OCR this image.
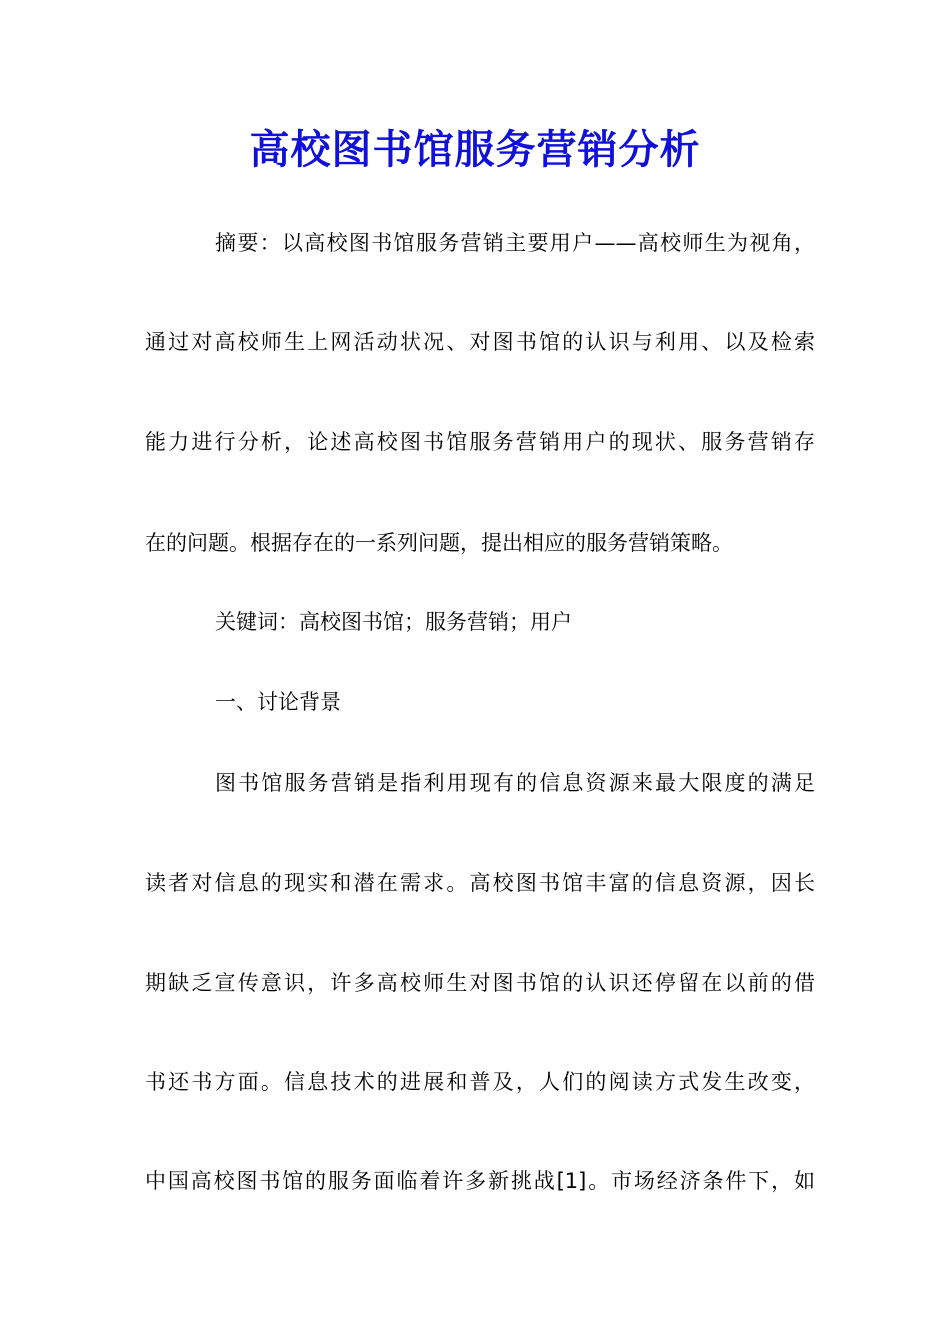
高校图书馆服务营销分析
摘要：以高校图书馆服务营销主要用户——高校师生为视角，
通过对高校师生上网活动状况、对图书馆的认识与利用、以及检索
能力进行分析，论述高校图书馆服务营销用户的现状、服务营销存
在的问题。根据存在的一系列问题，提出相应的服务营销策略。
关键词：高校图书馆；服务营销；用户
一、讨论背景
图书馆服务营销是指利用现有的信息资源来最大限度的满足
读者对信息的现实和潜在需求。高校图书馆丰富的信息资源，因长
期缺乏宣传意识，许多高校师生对图书馆的认识还停留在以前的借
书还书方面。信息技术的进展和普及，人们的阅读方式发生改变，
中国高校图书馆的服务面临着许多新挑战[1]。市场经济条件下，如
